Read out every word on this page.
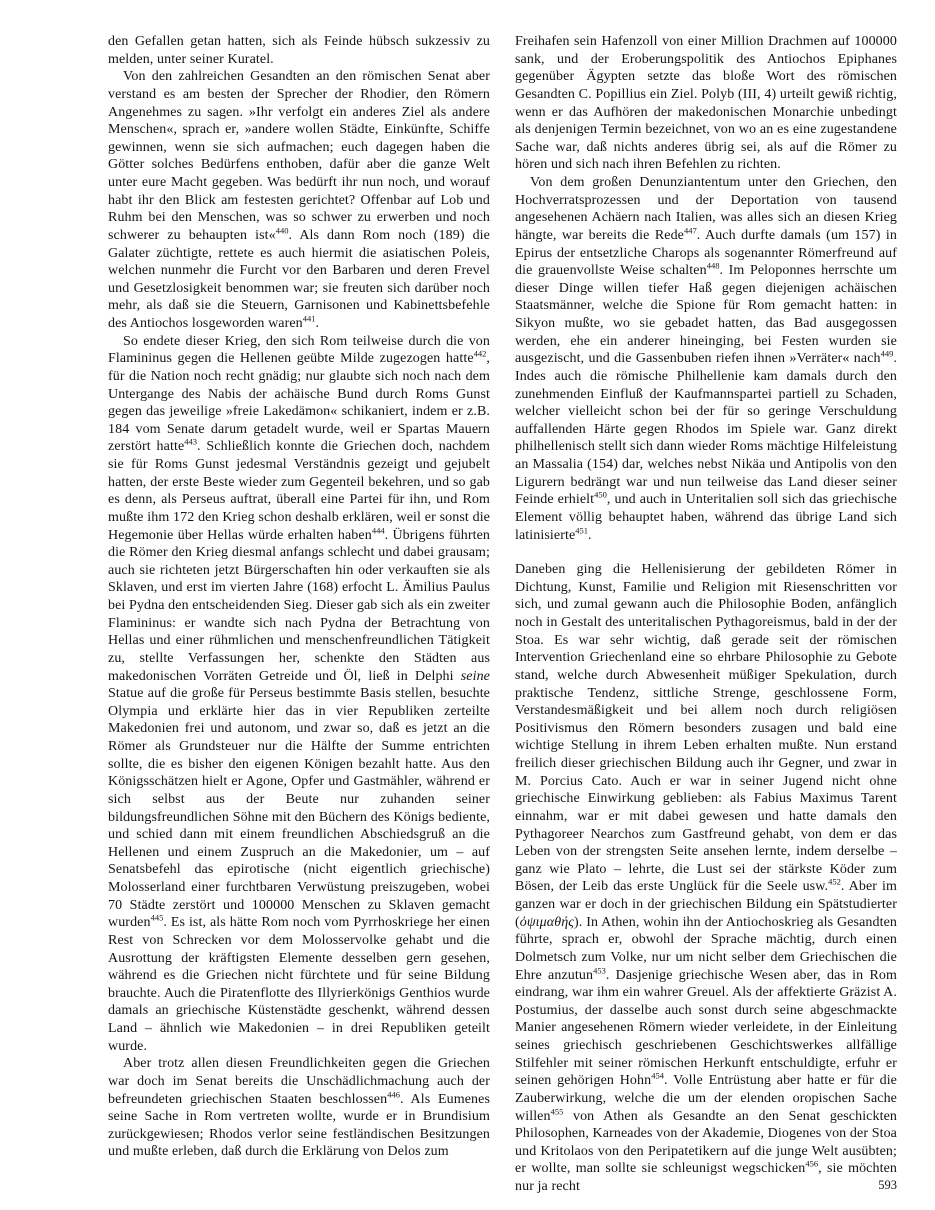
den Gefallen getan hatten, sich als Feinde hübsch sukzessiv zu melden, unter seiner Kuratel.

Von den zahlreichen Gesandten an den römischen Senat aber verstand es am besten der Sprecher der Rhodier, den Römern Angenehmes zu sagen. »Ihr verfolgt ein anderes Ziel als andere Menschen«, sprach er, »andere wollen Städte, Einkünfte, Schiffe gewinnen, wenn sie sich aufmachen; euch dagegen haben die Götter solches Bedürfens enthoben, dafür aber die ganze Welt unter eure Macht gegeben. Was bedürft ihr nun noch, und worauf habt ihr den Blick am festesten gerichtet? Offenbar auf Lob und Ruhm bei den Menschen, was so schwer zu erwerben und noch schwerer zu behaupten ist«$^{440}$. Als dann Rom noch (189) die Galater züchtigte, rettete es auch hiermit die asiatischen Poleis, welchen nunmehr die Furcht vor den Barbaren und deren Frevel und Gesetzlosigkeit benommen war; sie freuten sich darüber noch mehr, als daß sie die Steuern, Garnisonen und Kabinettsbefehle des Antiochos losgeworden waren$^{441}$.

So endete dieser Krieg, den sich Rom teilweise durch die von Flamininus gegen die Hellenen geübte Milde zugezogen hatte$^{442}$, für die Nation noch recht gnädig; nur glaubte sich noch nach dem Untergange des Nabis der achäische Bund durch Roms Gunst gegen das jeweilige »freie Lakedämon« schikaniert, indem er z.B. 184 vom Senate darum getadelt wurde, weil er Spartas Mauern zerstört hatte$^{443}$. Schließlich konnte die Griechen doch, nachdem sie für Roms Gunst jedesmal Verständnis gezeigt und gejubelt hatten, der erste Beste wieder zum Gegenteil bekehren, und so gab es denn, als Perseus auftrat, überall eine Partei für ihn, und Rom mußte ihm 172 den Krieg schon deshalb erklären, weil er sonst die Hegemonie über Hellas würde erhalten haben$^{444}$. Übrigens führten die Römer den Krieg diesmal anfangs schlecht und dabei grausam; auch sie richteten jetzt Bürgerschaften hin oder verkauften sie als Sklaven, und erst im vierten Jahre (168) erfocht L. Ämilius Paulus bei Pydna den entscheidenden Sieg. Dieser gab sich als ein zweiter Flamininus: er wandte sich nach Pydna der Betrachtung von Hellas und einer rühmlichen und menschenfreundlichen Tätigkeit zu, stellte Verfassungen her, schenkte den Städten aus makedonischen Vorräten Getreide und Öl, ließ in Delphi seine Statue auf die große für Perseus bestimmte Basis stellen, besuchte Olympia und erklärte hier das in vier Republiken zerteilte Makedonien frei und autonom, und zwar so, daß es jetzt an die Römer als Grundsteuer nur die Hälfte der Summe entrichten sollte, die es bisher den eigenen Königen bezahlt hatte. Aus den Königsschätzen hielt er Agone, Opfer und Gastmähler, während er sich selbst aus der Beute nur zuhanden seiner bildungsfreundlichen Söhne mit den Büchern des Königs bediente, und schied dann mit einem freundlichen Abschiedsgruß an die Hellenen und einem Zuspruch an die Makedonier, um – auf Senatsbefehl das epirotische (nicht eigentlich griechische) Molosserland einer furchtbaren Verwüstung preiszugeben, wobei 70 Städte zerstört und 100000 Menschen zu Sklaven gemacht wurden$^{445}$. Es ist, als hätte Rom noch vom Pyrrhoskriege her einen Rest von Schrecken vor dem Molosservolke gehabt und die Ausrottung der kräftigsten Elemente desselben gern gesehen, während es die Griechen nicht fürchtete und für seine Bildung brauchte. Auch die Piratenflotte des Illyrierkönigs Genthios wurde damals an griechische Küstenstädte geschenkt, während dessen Land – ähnlich wie Makedonien – in drei Republiken geteilt wurde.

Aber trotz allen diesen Freundlichkeiten gegen die Griechen war doch im Senat bereits die Unschädlichmachung auch der befreundeten griechischen Staaten beschlossen$^{446}$. Als Eumenes seine Sache in Rom vertreten wollte, wurde er in Brundisium zurückgewiesen; Rhodos verlor seine festländischen Besitzungen und mußte erleben, daß durch die Erklärung von Delos zum

Freihafen sein Hafenzoll von einer Million Drachmen auf 100000 sank, und der Eroberungspolitik des Antiochos Epiphanes gegenüber Ägypten setzte das bloße Wort des römischen Gesandten C. Popillius ein Ziel. Polyb (III, 4) urteilt gewiß richtig, wenn er das Aufhören der makedonischen Monarchie unbedingt als denjenigen Termin bezeichnet, von wo an es eine zugestandene Sache war, daß nichts anderes übrig sei, als auf die Römer zu hören und sich nach ihren Befehlen zu richten.

Von dem großen Denunziantentum unter den Griechen, den Hochverratsprozessen und der Deportation von tausend angesehenen Achäern nach Italien, was alles sich an diesen Krieg hängte, war bereits die Rede$^{447}$. Auch durfte damals (um 157) in Epirus der entsetzliche Charops als sogenannter Römerfreund auf die grauenvollste Weise schalten$^{448}$. Im Peloponnes herrschte um dieser Dinge willen tiefer Haß gegen diejenigen achäischen Staatsmänner, welche die Spione für Rom gemacht hatten: in Sikyon mußte, wo sie gebadet hatten, das Bad ausgegossen werden, ehe ein anderer hineinging, bei Festen wurden sie ausgezischt, und die Gassenbuben riefen ihnen »Verräter« nach$^{449}$. Indes auch die römische Philhellenie kam damals durch den zunehmenden Einfluß der Kaufmannspartei partiell zu Schaden, welcher vielleicht schon bei der für so geringe Verschuldung auffallenden Härte gegen Rhodos im Spiele war. Ganz direkt philhellenisch stellt sich dann wieder Roms mächtige Hilfeleistung an Massalia (154) dar, welches nebst Nikäa und Antipolis von den Ligurern bedrängt war und nun teilweise das Land dieser seiner Feinde erhielt$^{450}$, und auch in Unteritalien soll sich das griechische Element völlig behauptet haben, während das übrige Land sich latinisierte$^{451}$.

Daneben ging die Hellenisierung der gebildeten Römer in Dichtung, Kunst, Familie und Religion mit Riesenschritten vor sich, und zumal gewann auch die Philosophie Boden, anfänglich noch in Gestalt des unteritalischen Pythagoreismus, bald in der der Stoa. Es war sehr wichtig, daß gerade seit der römischen Intervention Griechenland eine so ehrbare Philosophie zu Gebote stand, welche durch Abwesenheit müßiger Spekulation, durch praktische Tendenz, sittliche Strenge, geschlossene Form, Verstandesmäßigkeit und bei allem noch durch religiösen Positivismus den Römern besonders zusagen und bald eine wichtige Stellung in ihrem Leben erhalten mußte. Nun erstand freilich dieser griechischen Bildung auch ihr Gegner, und zwar in M. Porcius Cato. Auch er war in seiner Jugend nicht ohne griechische Einwirkung geblieben: als Fabius Maximus Tarent einnahm, war er mit dabei gewesen und hatte damals den Pythagoreer Nearchos zum Gastfreund gehabt, von dem er das Leben von der strengsten Seite ansehen lernte, indem derselbe – ganz wie Plato – lehrte, die Lust sei der stärkste Köder zum Bösen, der Leib das erste Unglück für die Seele usw.$^{452}$. Aber im ganzen war er doch in der griechischen Bildung ein Spätstudierter (ὀψιμαθής). In Athen, wohin ihn der Antiochoskrieg als Gesandten führte, sprach er, obwohl der Sprache mächtig, durch einen Dolmetsch zum Volke, nur um nicht selber dem Griechischen die Ehre anzutun$^{453}$. Dasjenige griechische Wesen aber, das in Rom eindrang, war ihm ein wahrer Greuel. Als der affektierte Gräzist A. Postumius, der dasselbe auch sonst durch seine abgeschmackte Manier angesehenen Römern wieder verleidete, in der Einleitung seines griechisch geschriebenen Geschichtswerkes allfällige Stilfehler mit seiner römischen Herkunft entschuldigte, erfuhr er seinen gehörigen Hohn$^{454}$. Volle Entrüstung aber hatte er für die Zauberwirkung, welche die um der elenden oropischen Sache willen$^{455}$ von Athen als Gesandte an den Senat geschickten Philosophen, Karneades von der Akademie, Diogenes von der Stoa und Kritolaos von den Peripatetikern auf die junge Welt ausübten; er wollte, man sollte sie schleunigst wegschicken$^{456}$, sie möchten nur ja recht	593
